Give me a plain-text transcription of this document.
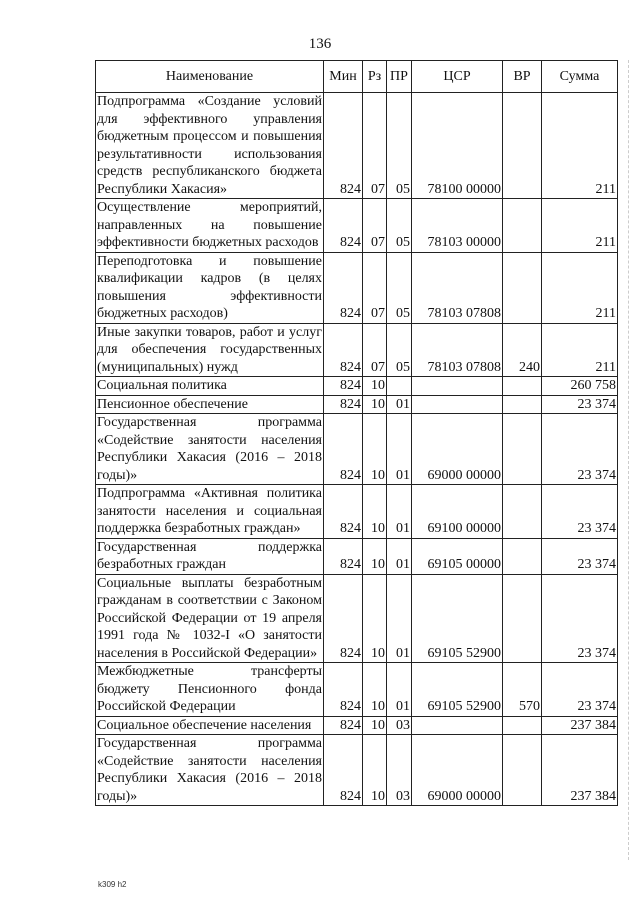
136
Наименование	Мин	Рз	ПР	ЦСР	ВР	Сумма
Подпрограмма «Создание условий для эффективного управления бюджетным процессом и повышения результативности использования средств республиканского бюджета Республики Хакасия»	824	07	05	78100 00000		211
Осуществление мероприятий, направленных на повышение эффективности бюджетных расходов	824	07	05	78103 00000		211
Переподготовка и повышение квалификации кадров (в целях повышения эффективности бюджетных расходов)	824	07	05	78103 07808		211
Иные закупки товаров, работ и услуг для обеспечения государственных (муниципальных) нужд	824	07	05	78103 07808	240	211
Социальная политика	824	10				260 758
Пенсионное обеспечение	824	10	01			23 374
Государственная программа «Содействие занятости населения Республики Хакасия (2016 – 2018 годы)»	824	10	01	69000 00000		23 374
Подпрограмма «Активная политика занятости населения и социальная поддержка безработных граждан»	824	10	01	69100 00000		23 374
Государственная поддержка безработных граждан	824	10	01	69105 00000		23 374
Социальные выплаты безработным гражданам в соответствии с Законом Российской Федерации от 19 апреля 1991 года № 1032-I «О занятости населения в Российской Федерации»	824	10	01	69105 52900		23 374
Межбюджетные трансферты бюджету Пенсионного фонда Российской Федерации	824	10	01	69105 52900	570	23 374
Социальное обеспечение населения	824	10	03			237 384
Государственная программа «Содействие занятости населения Республики Хакасия (2016 – 2018 годы)»	824	10	03	69000 00000		237 384
k309 h2
